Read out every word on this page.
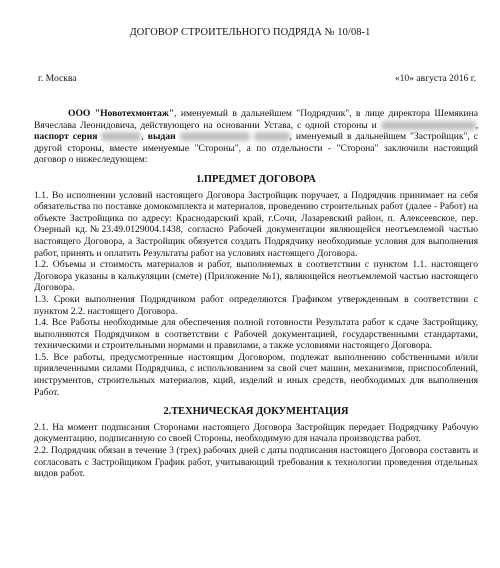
ДОГОВОР СТРОИТЕЛЬНОГО ПОДРЯДА № 10/08-1
г. Москва	«10» августа 2016 г.

ООО "Новотехмонтаж", именуемый в дальнейшем "Подрядчик", в лице директора Шемякина Вячеслава Леонидовича, действующего на основании Устава, с одной стороны и	, паспорт серия	, выдан	, именуемый в дальнейшем "Застройщик", с другой стороны, вместе именуемые "Стороны", а по отдельности - "Сторона" заключили настоящий договор о нижеследующем:

1.ПРЕДМЕТ ДОГОВОРА

1.1. Во исполнении условий настоящего Договора Застройщик поручает, а Подрядчик принимает на себя обязательства по поставке домокомплекта и материалов, проведению строительных работ (далее - Работ) на объекте Застройщика по адресу: Краснодарский край, г.Сочи, Лазаревский район, п. Алексеевское, пер. Озерный кд.№23.49.0129004.1438, согласно Рабочей документации являющейся неотъемлемой частью настоящего Договора, а Застройщик обязуется создать Подрядчику необходимые условия для выполнения работ, принять и оплатить Результаты работ на условиях настоящего Договора.

1.2. Объемы и стоимость материалов и работ, выполняемых в соответствии с пунктом 1.1. настоящего Договора указаны в калькуляции (смете) (Приложение №1), являющейся неотъемлемой частью настоящего Договора.

1.3. Сроки выполнения Подрядчиком работ определяются Графиком утвержденным в соответствии с пунктом 2.2. настоящего Договора.

1.4. Все Работы необходимые для обеспечения полной готовности Результата работ к сдаче Застройщику, выполняются Подрядчиком в соответствии с Рабочей документацией, государственными стандартами, техническими и строительными нормами и правилами, а также условиями настоящего Договора.

1.5. Все работы, предусмотренные настоящим Договором, подлежат выполнению собственными и/или привлеченными силами Подрядчика, с использованием за свой счет машин, механизмов, приспособлений, инструментов, строительных материалов, кций, изделий и иных средств, необходимых для выполнения Работ.

2.ТЕХНИЧЕСКАЯ ДОКУМЕНТАЦИЯ

2.1. На момент подписания Сторонами настоящего Договора Застройщик передает Подрядчику Рабочую документацию, подписанную со своей Стороны, необходимую для начала производства работ.

2.2. Подрядчик обязан в течение 3 (трех) рабочих дней с даты подписания настоящего Договора составить и согласовать с Застройщиком График работ, учитывающий требования к технологии проведения отдельных видов работ.
